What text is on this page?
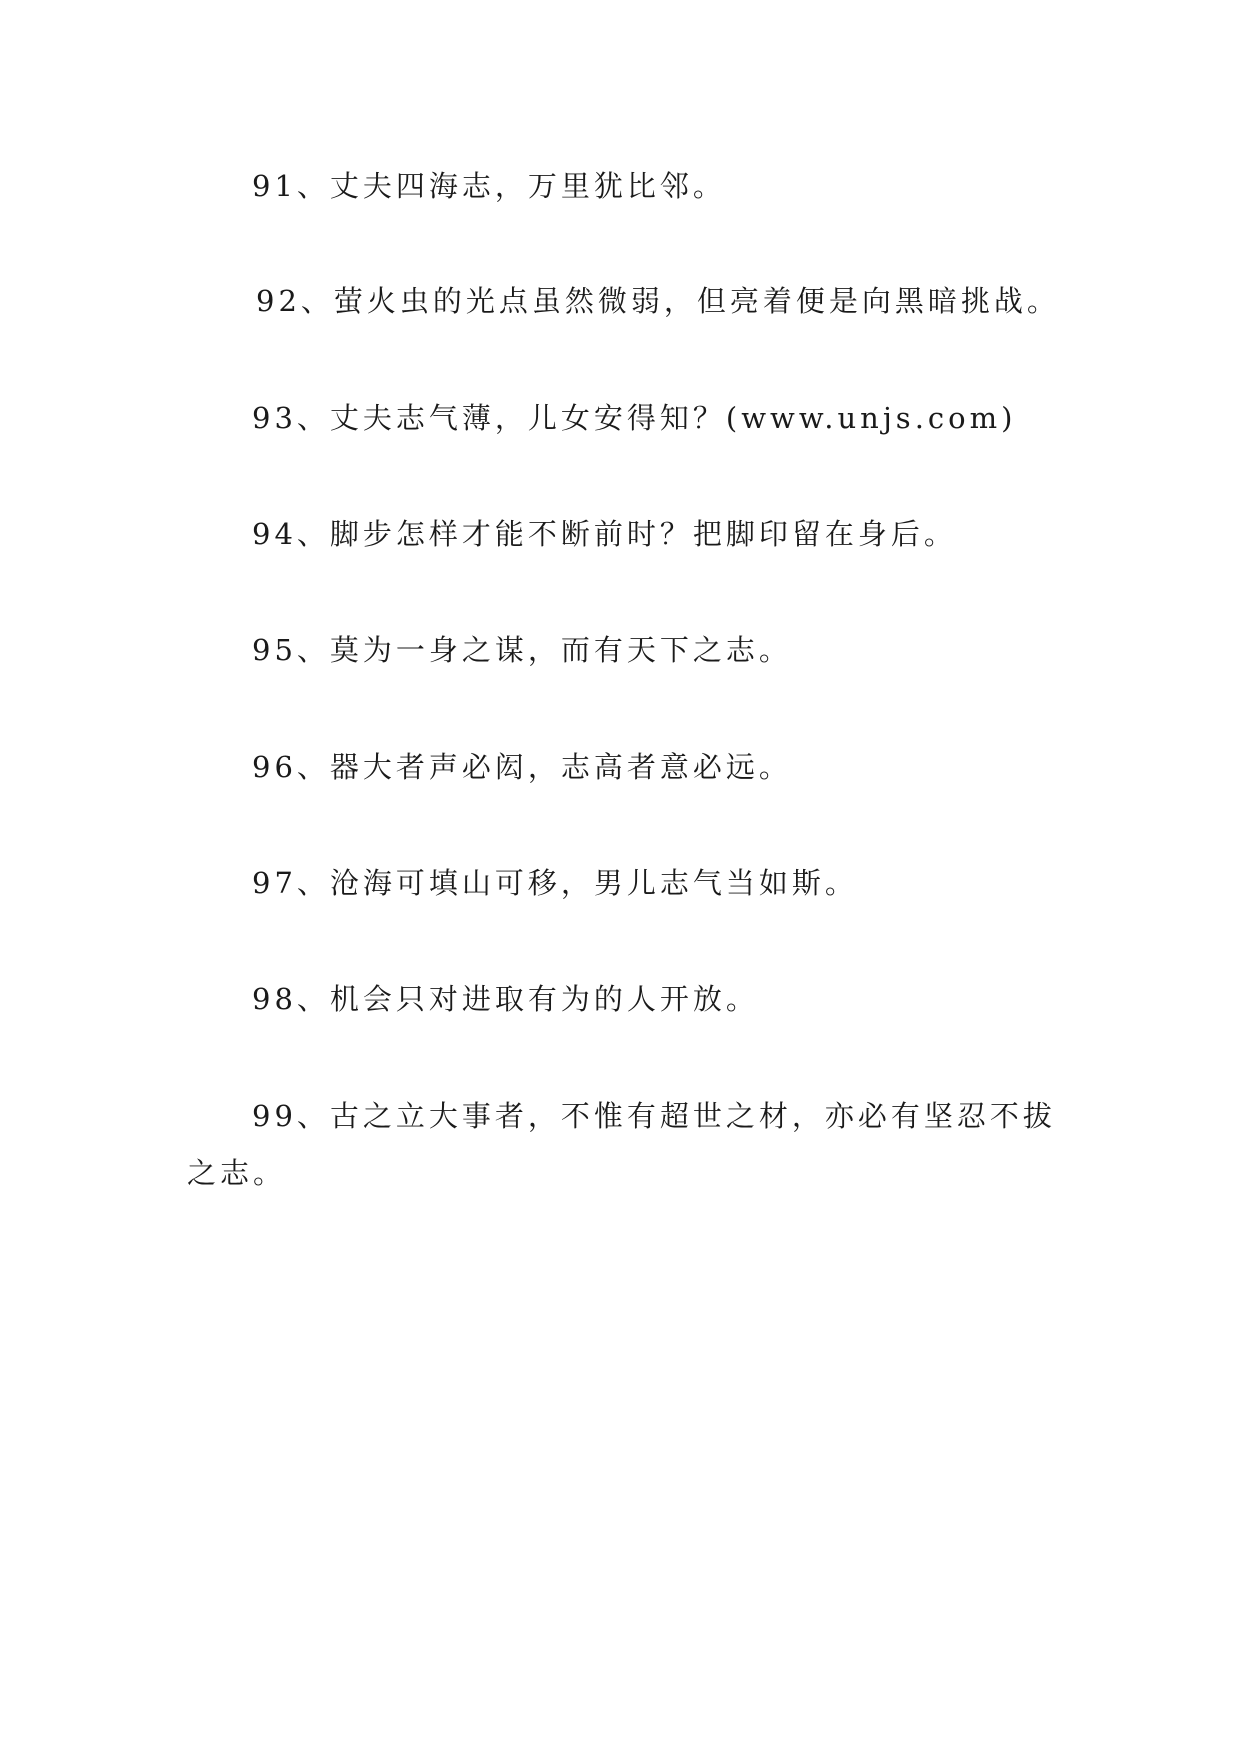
91、丈夫四海志，万里犹比邻。
92、萤火虫的光点虽然微弱，但亮着便是向黑暗挑战。
93、丈夫志气薄，儿女安得知？(www.unjs.com)
94、脚步怎样才能不断前时？把脚印留在身后。
95、莫为一身之谋，而有天下之志。
96、器大者声必闳，志高者意必远。
97、沧海可填山可移，男儿志气当如斯。
98、机会只对进取有为的人开放。
99、古之立大事者，不惟有超世之材，亦必有坚忍不拔
之志。
